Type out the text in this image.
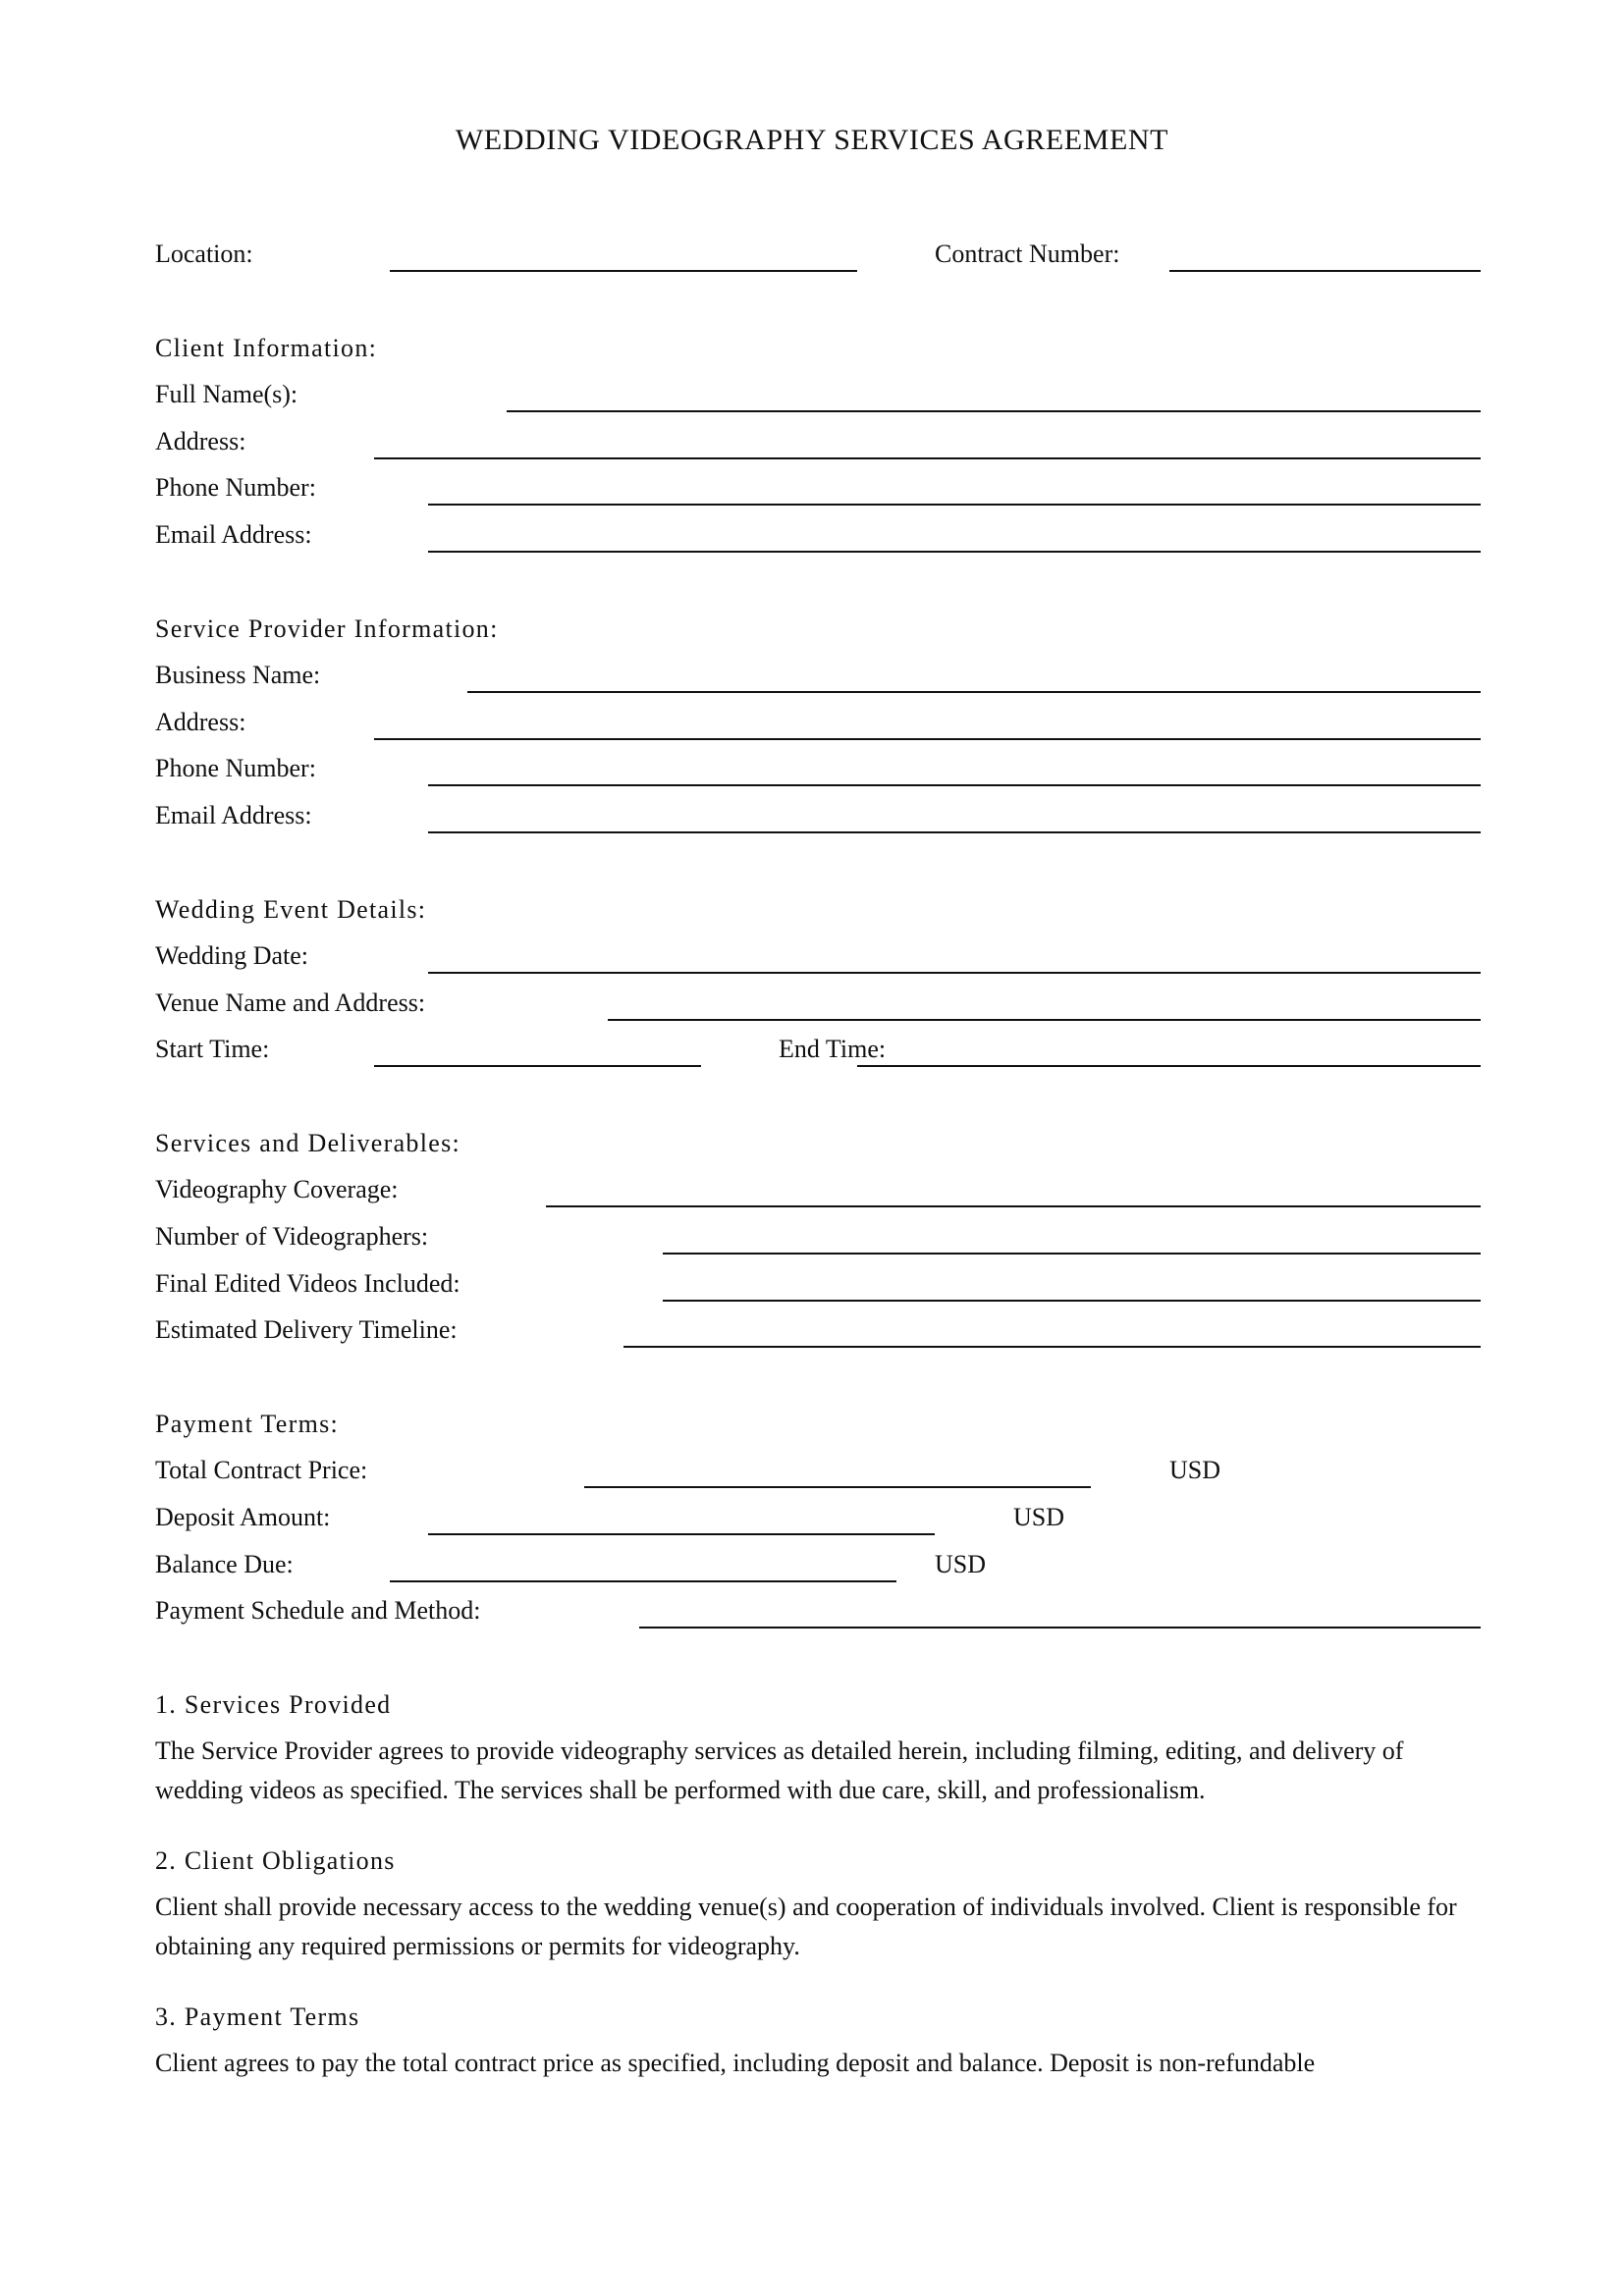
WEDDING VIDEOGRAPHY SERVICES AGREEMENT
Location:	Contract Number:
Client Information:
Full Name(s):
Address:
Phone Number:
Email Address:
Service Provider Information:
Business Name:
Address:
Phone Number:
Email Address:
Wedding Event Details:
Wedding Date:
Venue Name and Address:
Start Time:	End Time:
Services and Deliverables:
Videography Coverage:
Number of Videographers:
Final Edited Videos Included:
Estimated Delivery Timeline:
Payment Terms:
Total Contract Price:	USD
Deposit Amount:	USD
Balance Due:	USD
Payment Schedule and Method:
1. Services Provided

The Service Provider agrees to provide videography services as detailed herein, including filming, editing, and delivery of wedding videos as specified. The services shall be performed with due care, skill, and professionalism.

2. Client Obligations

Client shall provide necessary access to the wedding venue(s) and cooperation of individuals involved. Client is responsible for obtaining any required permissions or permits for videography.

3. Payment Terms

Client agrees to pay the total contract price as specified, including deposit and balance. Deposit is non-refundable
